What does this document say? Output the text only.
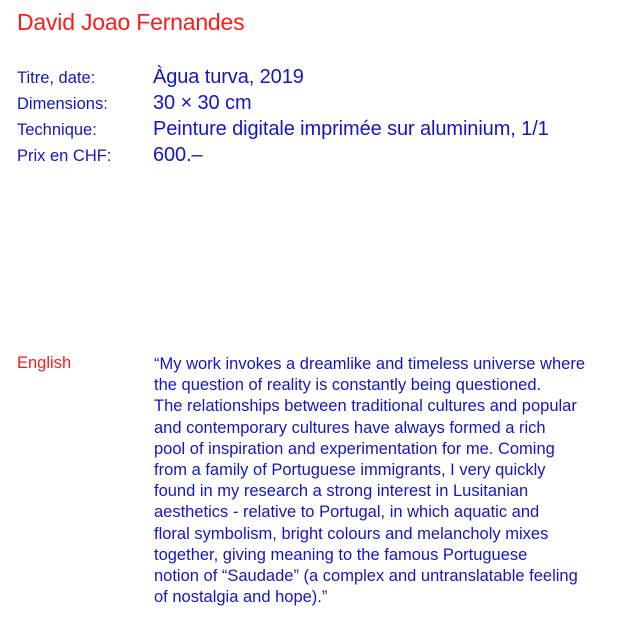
David Joao Fernandes
Titre, date:	Àgua turva, 2019
Dimensions:	30 × 30 cm
Technique:	Peinture digitale imprimée sur aluminium, 1/1
Prix en CHF:	600.–
English	“My work invokes a dreamlike and timeless universe where
the question of reality is constantly being questioned.
The relationships between traditional cultures and popular
and contemporary cultures have always formed a rich
pool of inspiration and experimentation for me. Coming
from a family of Portuguese immigrants, I very quickly
found in my research a strong interest in Lusitanian
aesthetics - relative to Portugal, in which aquatic and
floral symbolism, bright colours and melancholy mixes
together, giving meaning to the famous Portuguese
notion of “Saudade” (a complex and untranslatable feeling
of nostalgia and hope).”
